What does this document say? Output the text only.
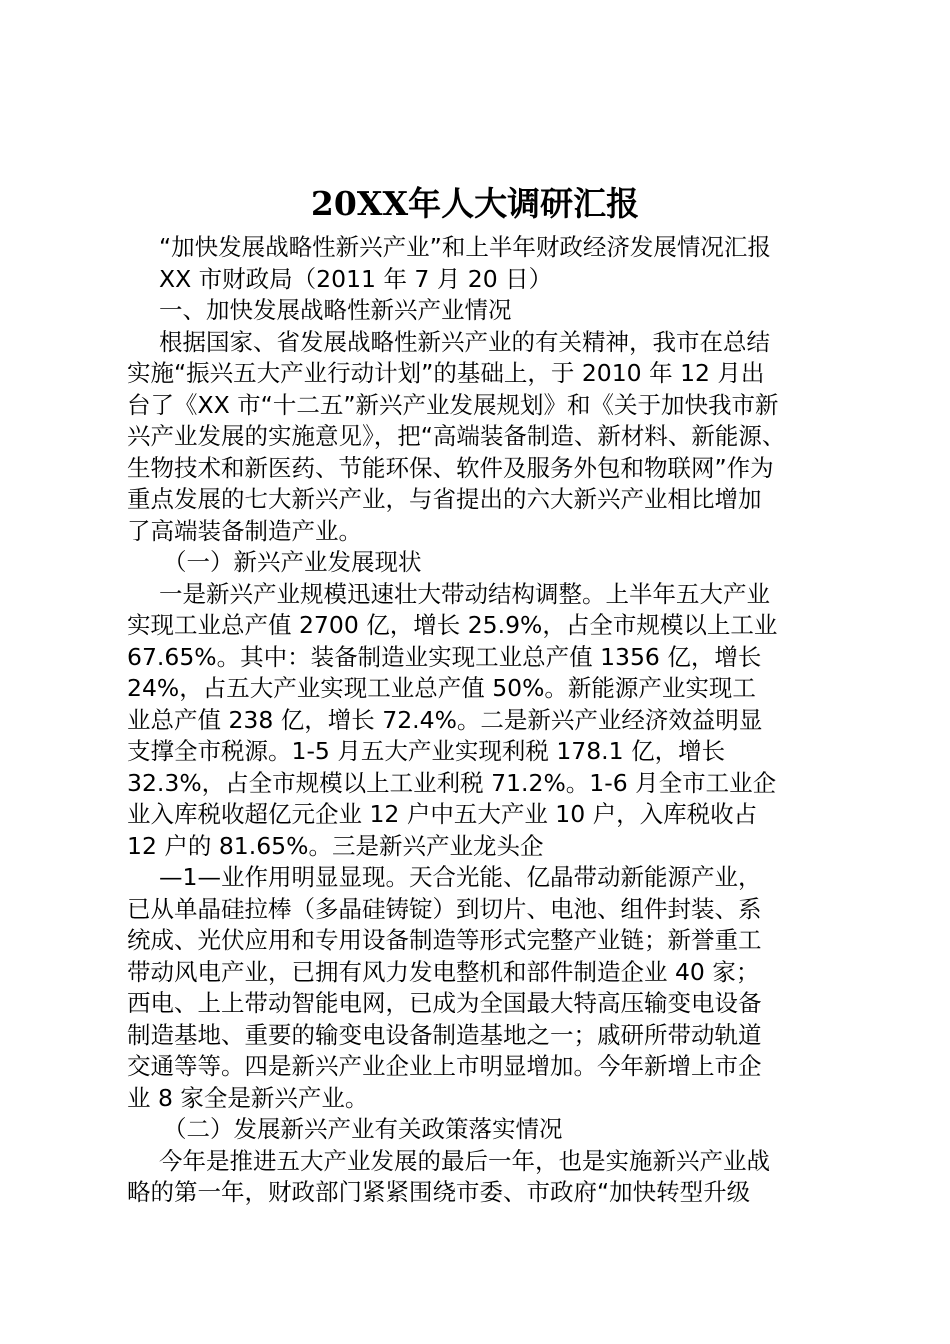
20XX年人大调研汇报
“加快发展战略性新兴产业”和上半年财政经济发展情况汇报
XX 市财政局（2011 年 7 月 20 日）
一、加快发展战略性新兴产业情况
根据国家、省发展战略性新兴产业的有关精神，我市在总结
实施“振兴五大产业行动计划”的基础上，于 2010 年 12 月出
台了《XX 市“十二五”新兴产业发展规划》和《关于加快我市新
兴产业发展的实施意见》，把“高端装备制造、新材料、新能源、
生物技术和新医药、节能环保、软件及服务外包和物联网”作为
重点发展的七大新兴产业，与省提出的六大新兴产业相比增加
了高端装备制造产业。
（一）新兴产业发展现状
一是新兴产业规模迅速壮大带动结构调整。上半年五大产业
实现工业总产值 2700 亿，增长 25.9%，占全市规模以上工业
67.65%。其中：装备制造业实现工业总产值 1356 亿，增长
24%，占五大产业实现工业总产值 50%。新能源产业实现工
业总产值 238 亿，增长 72.4%。二是新兴产业经济效益明显
支撑全市税源。1-5 月五大产业实现利税 178.1 亿，增长
32.3%，占全市规模以上工业利税 71.2%。1-6 月全市工业企
业入库税收超亿元企业 12 户中五大产业 10 户，入库税收占
12 户的 81.65%。三是新兴产业龙头企
—1—业作用明显显现。天合光能、亿晶带动新能源产业，
已从单晶硅拉棒（多晶硅铸锭）到切片、电池、组件封装、系
统成、光伏应用和专用设备制造等形式完整产业链；新誉重工
带动风电产业，已拥有风力发电整机和部件制造企业 40 家；
西电、上上带动智能电网，已成为全国最大特高压输变电设备
制造基地、重要的输变电设备制造基地之一；戚研所带动轨道
交通等等。四是新兴产业企业上市明显增加。今年新增上市企
业 8 家全是新兴产业。
（二）发展新兴产业有关政策落实情况
今年是推进五大产业发展的最后一年，也是实施新兴产业战
略的第一年，财政部门紧紧围绕市委、市政府“加快转型升级
